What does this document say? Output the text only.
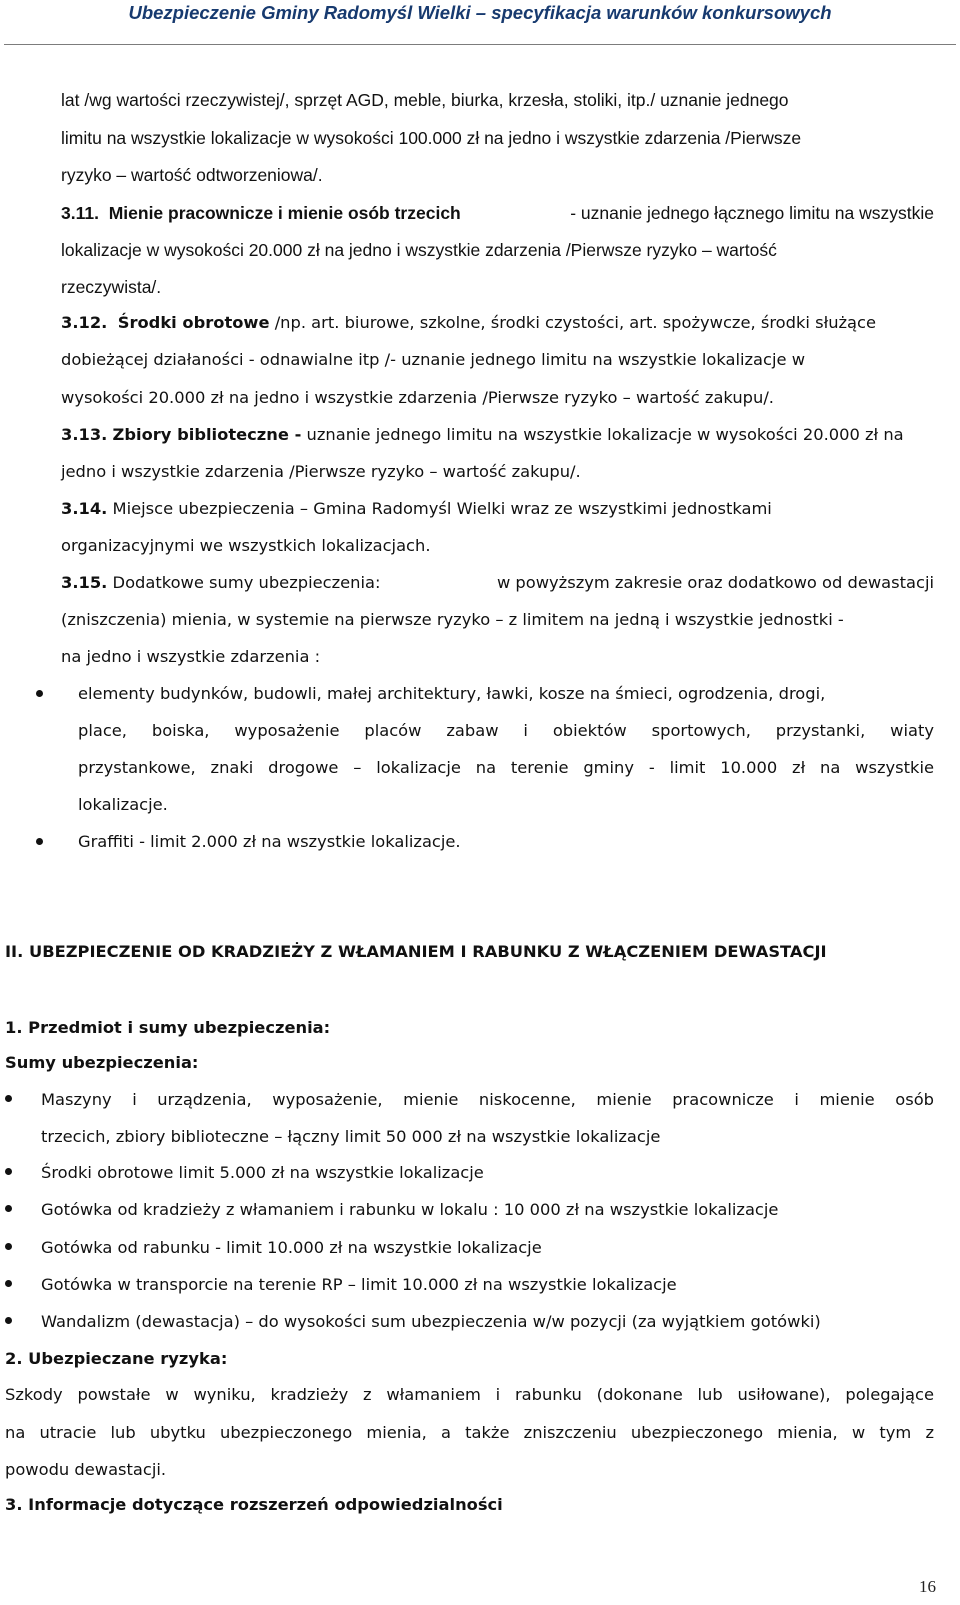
Ubezpieczenie Gminy Radomyśl Wielki – specyfikacja warunków konkursowych
lat /wg wartości rzeczywistej/, sprzęt AGD, meble, biurka, krzesła, stoliki, itp./ uznanie jednego
limitu na wszystkie lokalizacje w wysokości 100.000 zł na jedno i wszystkie zdarzenia /Pierwsze
ryzyko – wartość odtworzeniowa/.
3.11. Mienie pracownicze i mienie osób trzecich	- uznanie jednego łącznego limitu na wszystkie
lokalizacje w wysokości 20.000 zł na jedno i wszystkie zdarzenia /Pierwsze ryzyko – wartość
rzeczywista/.
3.12. Środki obrotowe /np. art. biurowe, szkolne, środki czystości, art. spożywcze, środki służące
dobieżącej działaności - odnawialne itp /- uznanie jednego limitu na wszystkie lokalizacje w
wysokości 20.000 zł na jedno i wszystkie zdarzenia /Pierwsze ryzyko – wartość zakupu/.
3.13. Zbiory biblioteczne - uznanie jednego limitu na wszystkie lokalizacje w wysokości 20.000 zł na
jedno i wszystkie zdarzenia /Pierwsze ryzyko – wartość zakupu/.
3.14. Miejsce ubezpieczenia – Gmina Radomyśl Wielki wraz ze wszystkimi jednostkami
organizacyjnymi we wszystkich lokalizacjach.
3.15. Dodatkowe sumy ubezpieczenia:	w powyższym zakresie oraz dodatkowo od dewastacji
(zniszczenia) mienia, w systemie na pierwsze ryzyko – z limitem na jedną i wszystkie jednostki -
na jedno i wszystkie zdarzenia :
elementy budynków, budowli, małej architektury, ławki, kosze na śmieci, ogrodzenia, drogi,
place, boiska, wyposażenie placów zabaw i obiektów sportowych, przystanki, wiaty
przystankowe, znaki drogowe – lokalizacje na terenie gminy - limit 10.000 zł na wszystkie
lokalizacje.
Graffiti - limit 2.000 zł na wszystkie lokalizacje.
II. UBEZPIECZENIE OD KRADZIEŻY Z WŁAMANIEM I RABUNKU Z WŁĄCZENIEM DEWASTACJI
1. Przedmiot i sumy ubezpieczenia:
Sumy ubezpieczenia:
Maszyny i urządzenia, wyposażenie, mienie niskocenne, mienie pracownicze i mienie osób
trzecich, zbiory biblioteczne – łączny limit 50 000 zł na wszystkie lokalizacje
Środki obrotowe limit 5.000 zł na wszystkie lokalizacje
Gotówka od kradzieży z włamaniem i rabunku w lokalu : 10 000 zł na wszystkie lokalizacje
Gotówka od rabunku - limit 10.000 zł na wszystkie lokalizacje
Gotówka w transporcie na terenie RP – limit 10.000 zł na wszystkie lokalizacje
Wandalizm (dewastacja) – do wysokości sum ubezpieczenia w/w pozycji (za wyjątkiem gotówki)
2. Ubezpieczane ryzyka:
Szkody powstałe w wyniku, kradzieży z włamaniem i rabunku (dokonane lub usiłowane), polegające
na utracie lub ubytku ubezpieczonego mienia, a także zniszczeniu ubezpieczonego mienia, w tym z
powodu dewastacji.
3. Informacje dotyczące rozszerzeń odpowiedzialności
16
